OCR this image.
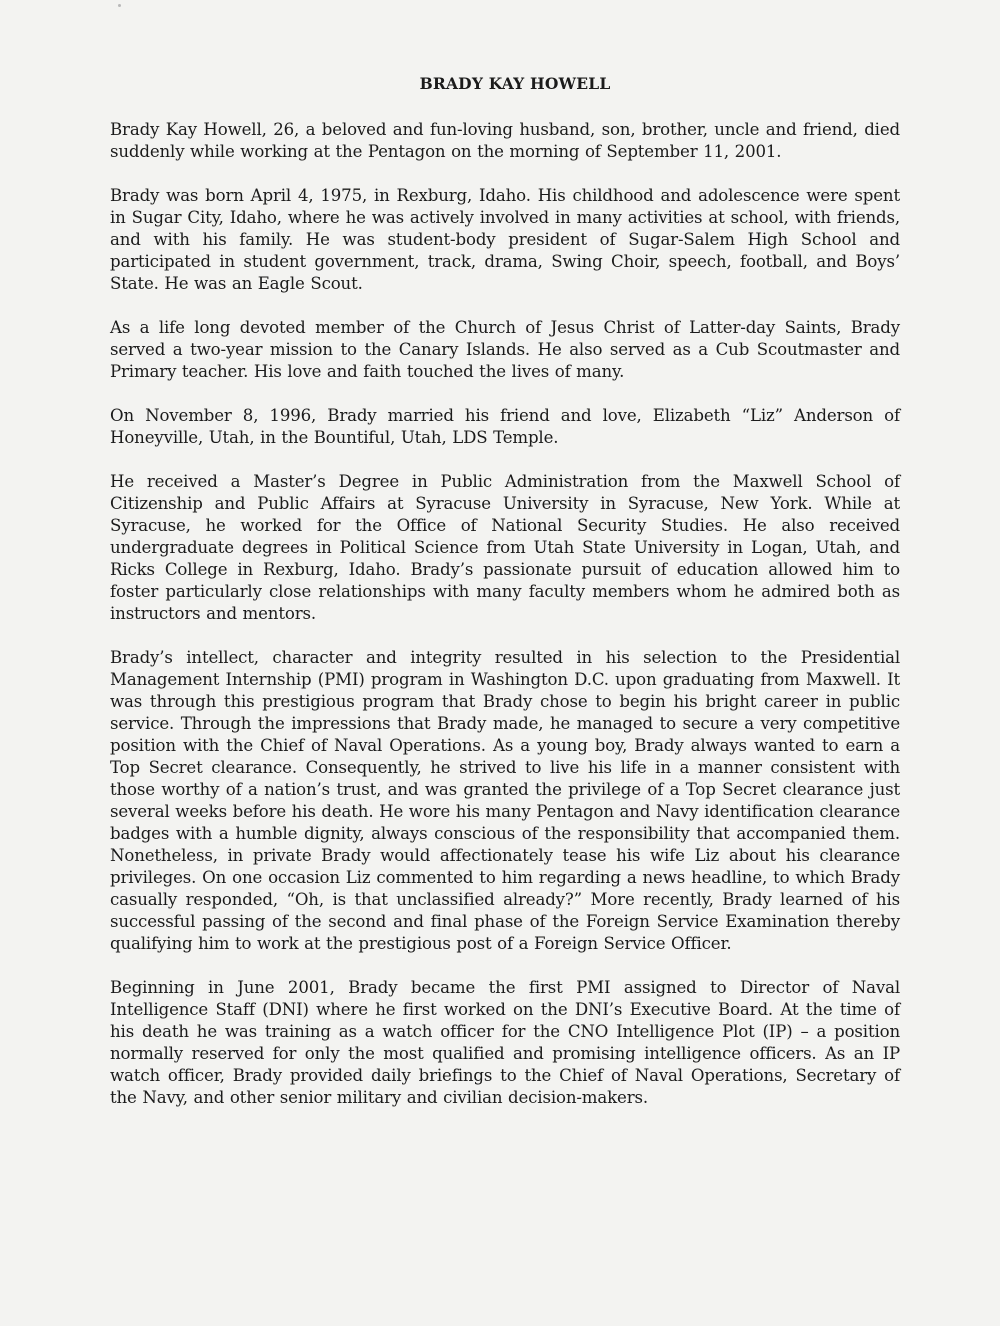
BRADY KAY HOWELL

Brady Kay Howell, 26, a beloved and fun-loving husband, son, brother, uncle and friend, died suddenly while working at the Pentagon on the morning of September 11, 2001.

Brady was born April 4, 1975, in Rexburg, Idaho. His childhood and adolescence were spent in Sugar City, Idaho, where he was actively involved in many activities at school, with friends, and with his family. He was student-body president of Sugar-Salem High School and participated in student government, track, drama, Swing Choir, speech, football, and Boys’ State. He was an Eagle Scout.

As a life long devoted member of the Church of Jesus Christ of Latter-day Saints, Brady served a two-year mission to the Canary Islands. He also served as a Cub Scoutmaster and Primary teacher. His love and faith touched the lives of many.

On November 8, 1996, Brady married his friend and love, Elizabeth “Liz” Anderson of Honeyville, Utah, in the Bountiful, Utah, LDS Temple.

He received a Master’s Degree in Public Administration from the Maxwell School of Citizenship and Public Affairs at Syracuse University in Syracuse, New York. While at Syracuse, he worked for the Office of National Security Studies. He also received undergraduate degrees in Political Science from Utah State University in Logan, Utah, and Ricks College in Rexburg, Idaho. Brady’s passionate pursuit of education allowed him to foster particularly close relationships with many faculty members whom he admired both as instructors and mentors.

Brady’s intellect, character and integrity resulted in his selection to the Presidential Management Internship (PMI) program in Washington D.C. upon graduating from Maxwell. It was through this prestigious program that Brady chose to begin his bright career in public service. Through the impressions that Brady made, he managed to secure a very competitive position with the Chief of Naval Operations. As a young boy, Brady always wanted to earn a Top Secret clearance. Consequently, he strived to live his life in a manner consistent with those worthy of a nation’s trust, and was granted the privilege of a Top Secret clearance just several weeks before his death. He wore his many Pentagon and Navy identification clearance badges with a humble dignity, always conscious of the responsibility that accompanied them. Nonetheless, in private Brady would affectionately tease his wife Liz about his clearance privileges. On one occasion Liz commented to him regarding a news headline, to which Brady casually responded, “Oh, is that unclassified already?” More recently, Brady learned of his successful passing of the second and final phase of the Foreign Service Examination thereby qualifying him to work at the prestigious post of a Foreign Service Officer.

Beginning in June 2001, Brady became the first PMI assigned to Director of Naval Intelligence Staff (DNI) where he first worked on the DNI’s Executive Board. At the time of his death he was training as a watch officer for the CNO Intelligence Plot (IP) – a position normally reserved for only the most qualified and promising intelligence officers. As an IP watch officer, Brady provided daily briefings to the Chief of Naval Operations, Secretary of the Navy, and other senior military and civilian decision-makers.
